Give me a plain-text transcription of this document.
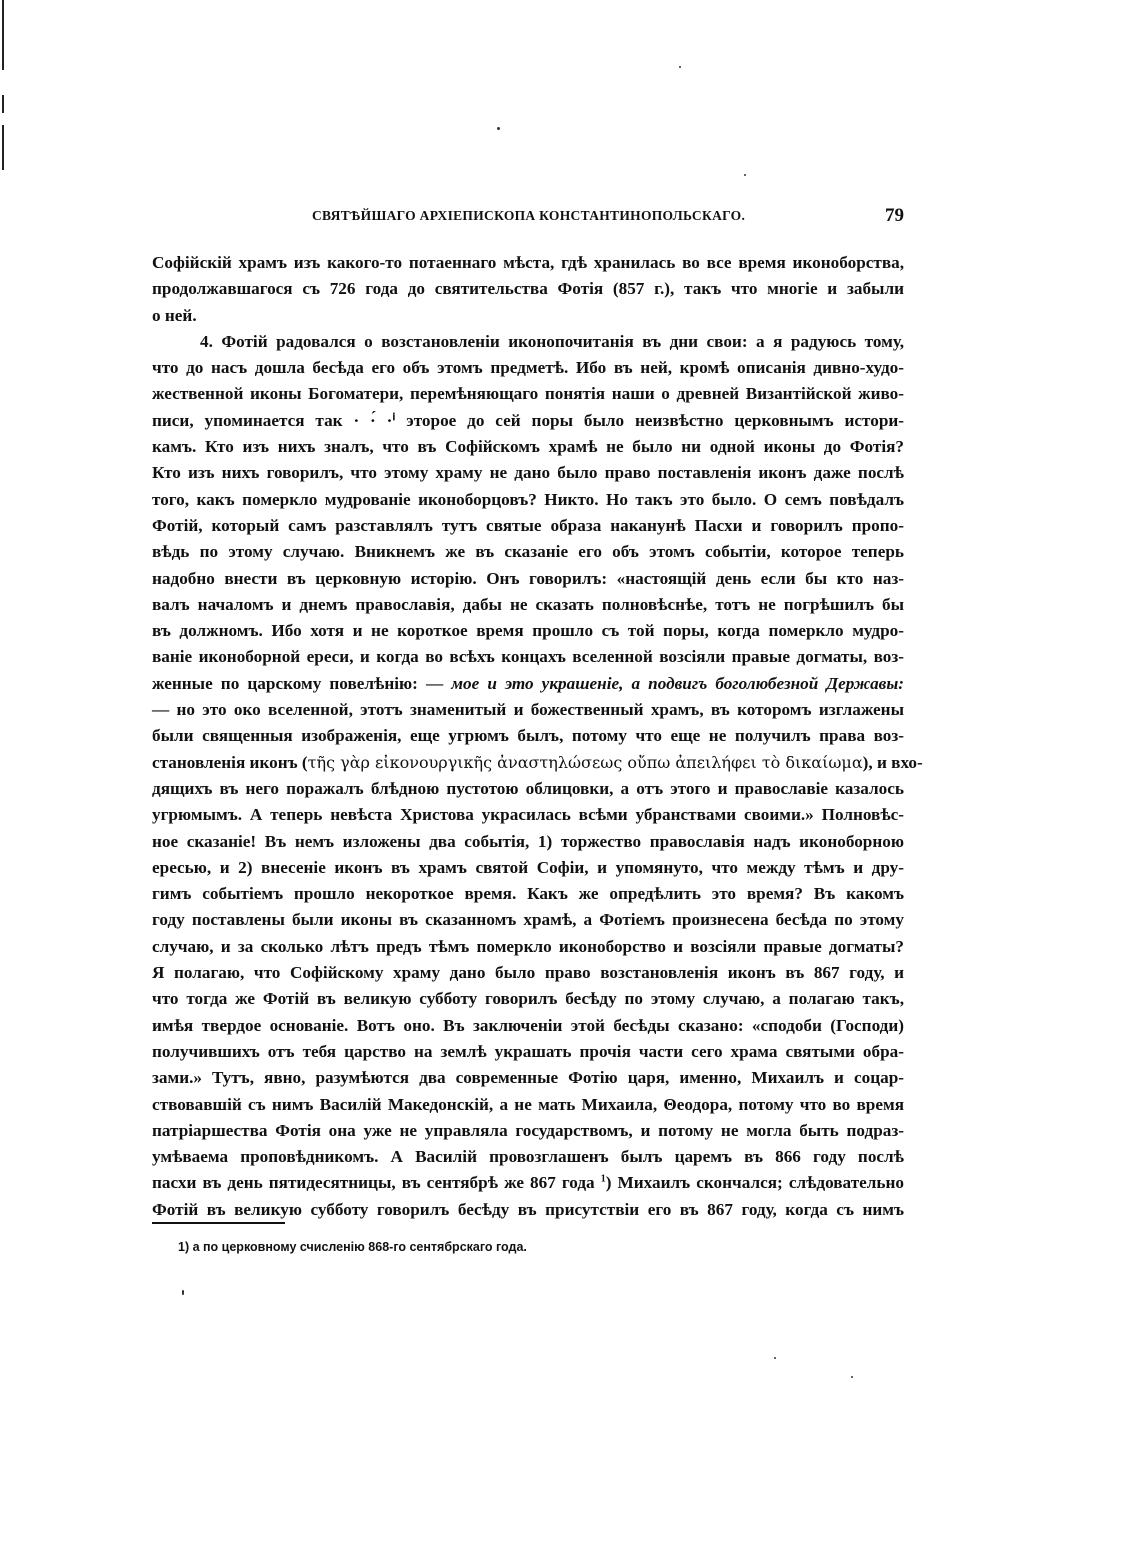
СВЯТѢЙШАГО АРХІЕПИСКОПА КОНСТАНТИНОПОЛЬСКАГО.	79
Софійскій храмъ изъ какого-то потаеннаго мѣста, гдѣ хранилась во все время иконоборства,
продолжавшагося съ 726 года до святительства Фотія (857 г.), такъ что многіе и забыли
о ней.
4. Фотій радовался о возстановленіи иконопочитанія въ дни свои: а я радуюсь тому,
что до насъ дошла бесѣда его объ этомъ предметѣ. Ибо въ ней, кромѣ описанія дивно-худо-
жественной иконы Богоматери, перемѣняющаго понятія наши о древней Византійской живо-
писи, упоминается так · ·́ ·ⁱ эторое до сей поры было неизвѣстно церковнымъ истори-
камъ. Кто изъ нихъ зналъ, что въ Софійскомъ храмѣ не было ни одной иконы до Фотія?
Кто изъ нихъ говорилъ, что этому храму не дано было право поставленія иконъ даже послѣ
того, какъ померкло мудрованіе иконоборцовъ? Никто. Но такъ это было. О семъ повѣдалъ
Фотій, который самъ разставлялъ тутъ святые образа наканунѣ Пасхи и говорилъ пропо-
вѣдь по этому случаю. Вникнемъ же въ сказаніе его объ этомъ событіи, которое теперь
надобно внести въ церковную исторію. Онъ говорилъ: «настоящій день если бы кто наз-
валъ началомъ и днемъ православія, дабы не сказать полновѣснѣе, тотъ не погрѣшилъ бы
въ должномъ. Ибо хотя и не короткое время прошло съ той поры, когда померкло мудро-
ваніе иконоборной ереси, и когда во всѣхъ концахъ вселенной возсіяли правые догматы, воз-
женные по царскому повелѣнію: — мое и это украшеніе, а подвигъ боголюбезной Державы:
— но это око вселенной, этотъ знаменитый и божественный храмъ, въ которомъ изглажены
были священныя изображенія, еще угрюмъ былъ, потому что еще не получилъ права воз-
становленія иконъ (τῆς γὰρ εἰκονουργικῆς ἀναστηλώσεως οὔπω ἀπειλήφει τὸ δικαίωμα), и вхо-
дящихъ въ него поражалъ блѣдною пустотою облицовки, а отъ этого и православіе казалось
угрюмымъ. А теперь невѣста Христова украсилась всѣми убранствами своими.» Полновѣс-
ное сказаніе! Въ немъ изложены два событія, 1) торжество православія надъ иконоборною
ересью, и 2) внесеніе иконъ въ храмъ святой Софіи, и упомянуто, что между тѣмъ и дру-
гимъ событіемъ прошло некороткое время. Какъ же опредѣлить это время? Въ какомъ
году поставлены были иконы въ сказанномъ храмѣ, а Фотіемъ произнесена бесѣда по этому
случаю, и за сколько лѣтъ предъ тѣмъ померкло иконоборство и возсіяли правые догматы?
Я полагаю, что Софійскому храму дано было право возстановленія иконъ въ 867 году, и
что тогда же Фотій въ великую субботу говорилъ бесѣду по этому случаю, а полагаю такъ,
имѣя твердое основаніе. Вотъ оно. Въ заключеніи этой бесѣды сказано: «сподоби (Господи)
получившихъ отъ тебя царство на землѣ украшать прочія части сего храма святыми обра-
зами.» Тутъ, явно, разумѣются два современные Фотію царя, именно, Михаилъ и соцар-
ствовавшій съ нимъ Василій Македонскій, а не мать Михаила, Θеодора, потому что во время
патріаршества Фотія она уже не управляла государствомъ, и потому не могла быть подраз-
умѣваема проповѣдникомъ. А Василій провозглашенъ былъ царемъ въ 866 году послѣ
пасхи въ день пятидесятницы, въ сентябрѣ же 867 года $^1$) Михаилъ скончался; слѣдовательно
Фотій въ великую субботу говорилъ бесѣду въ присутствіи его въ 867 году, когда съ нимъ
1) а по церковному счисленію 868-го сентябрскаго года.
